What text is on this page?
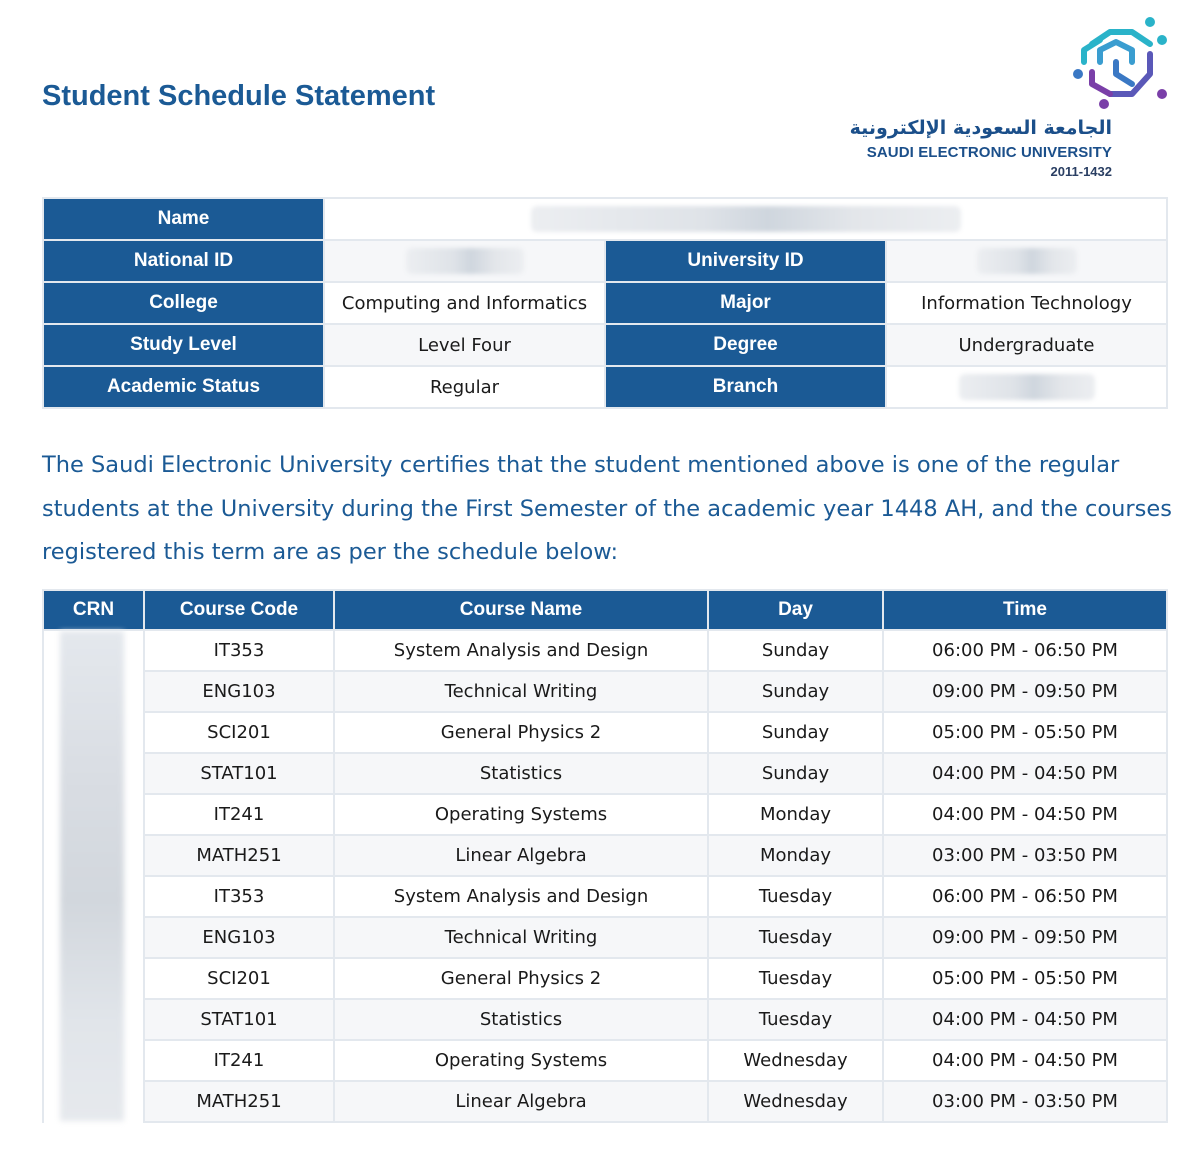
Student Schedule Statement
الجامعة السعودية الإلكترونية
SAUDI ELECTRONIC UNIVERSITY
2011-1432
Name			
National ID		University ID	
College	Computing and Informatics	Major	Information Technology
Study Level	Level Four	Degree	Undergraduate
Academic Status	Regular	Branch	

The Saudi Electronic University certifies that the student mentioned above is one of the regular students at the University during the First Semester of the academic year 1448 AH, and the courses registered this term are as per the schedule below:

CRN	Course Code	Course Name	Day	Time

	IT353	System Analysis and Design	Sunday	06:00 PM - 06:50 PM
	ENG103	Technical Writing	Sunday	09:00 PM - 09:50 PM
	SCI201	General Physics 2	Sunday	05:00 PM - 05:50 PM
	STAT101	Statistics	Sunday	04:00 PM - 04:50 PM
	IT241	Operating Systems	Monday	04:00 PM - 04:50 PM
	MATH251	Linear Algebra	Monday	03:00 PM - 03:50 PM
	IT353	System Analysis and Design	Tuesday	06:00 PM - 06:50 PM
	ENG103	Technical Writing	Tuesday	09:00 PM - 09:50 PM
	SCI201	General Physics 2	Tuesday	05:00 PM - 05:50 PM
	STAT101	Statistics	Tuesday	04:00 PM - 04:50 PM
	IT241	Operating Systems	Wednesday	04:00 PM - 04:50 PM
	MATH251	Linear Algebra	Wednesday	03:00 PM - 03:50 PM
